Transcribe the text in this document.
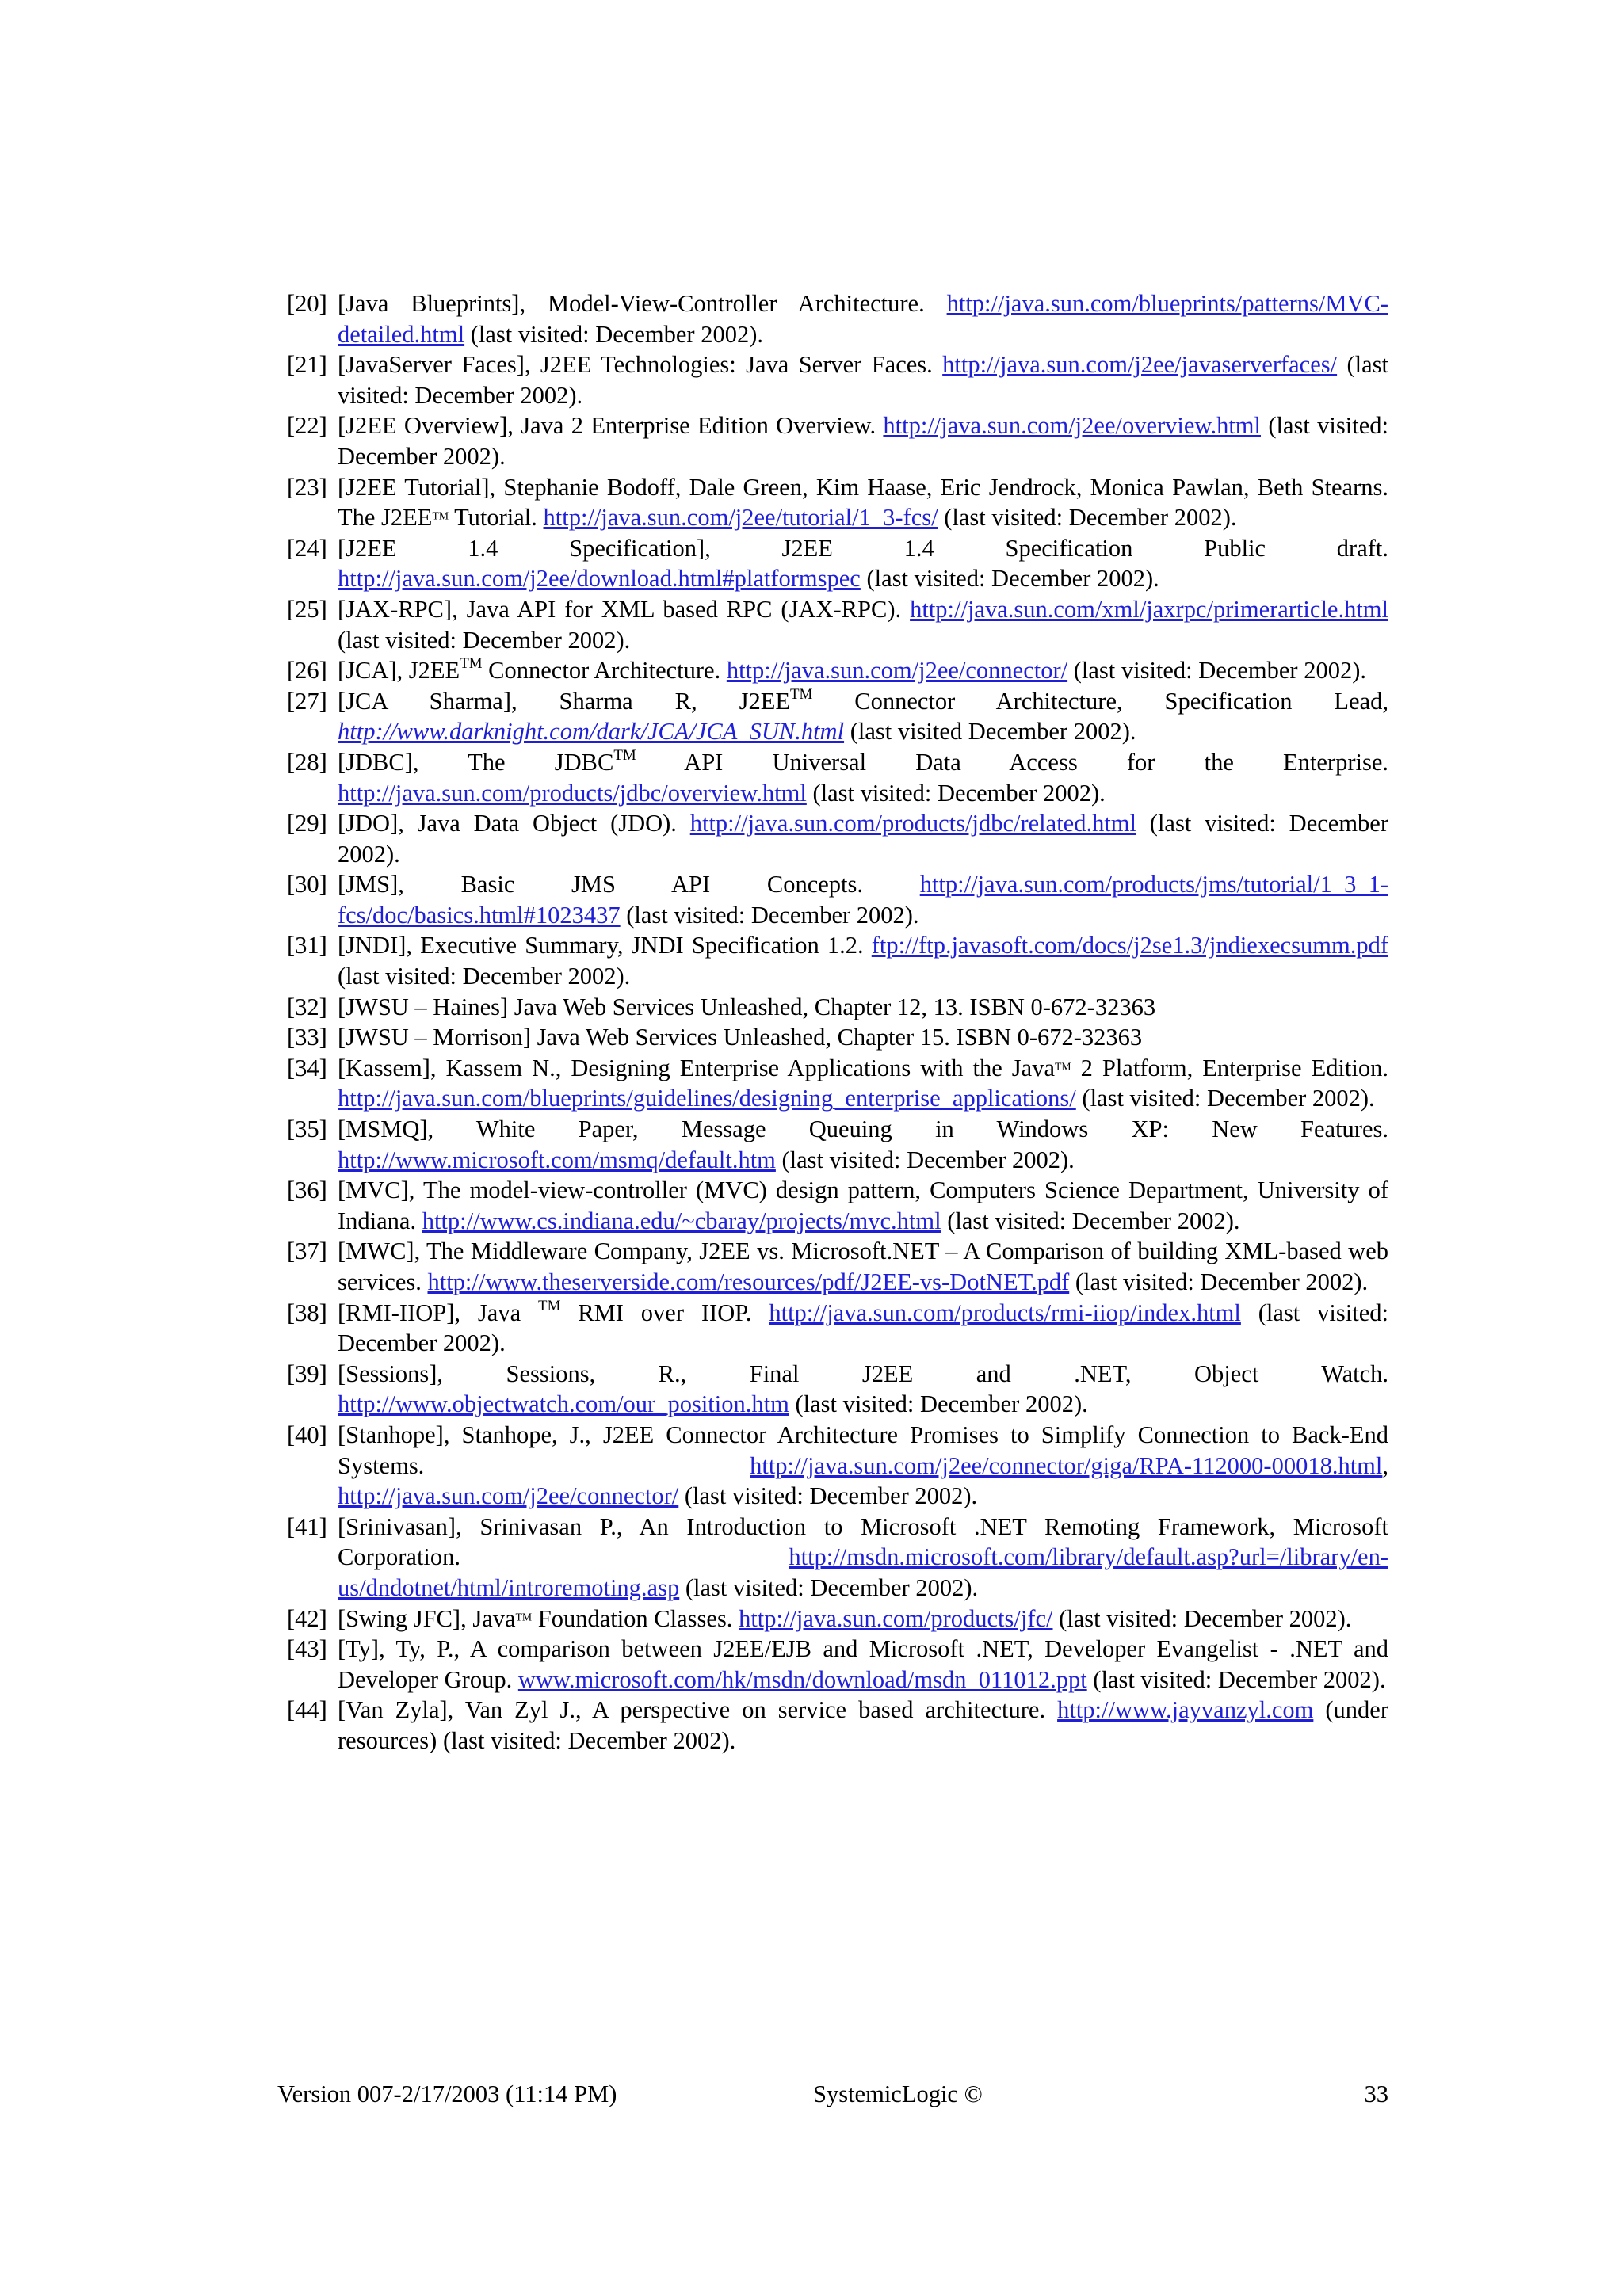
[20] [Java Blueprints], Model-View-Controller Architecture. http://java.sun.com/blueprints/patterns/MVC-detailed.html (last visited: December 2002).
[21] [JavaServer Faces], J2EE Technologies: Java Server Faces. http://java.sun.com/j2ee/javaserverfaces/ (last visited: December 2002).
[22] [J2EE Overview], Java 2 Enterprise Edition Overview. http://java.sun.com/j2ee/overview.html (last visited: December 2002).
[23] [J2EE Tutorial], Stephanie Bodoff, Dale Green, Kim Haase, Eric Jendrock, Monica Pawlan, Beth Stearns. The J2EE™ Tutorial. http://java.sun.com/j2ee/tutorial/1_3-fcs/ (last visited: December 2002).
[24] [J2EE 1.4 Specification], J2EE 1.4 Specification Public draft. http://java.sun.com/j2ee/download.html#platformspec (last visited: December 2002).
[25] [JAX-RPC], Java API for XML based RPC (JAX-RPC). http://java.sun.com/xml/jaxrpc/primerarticle.html (last visited: December 2002).
[26] [JCA], J2EE™ Connector Architecture. http://java.sun.com/j2ee/connector/ (last visited: December 2002).
[27] [JCA Sharma], Sharma R, J2EE™ Connector Architecture, Specification Lead, http://www.darknight.com/dark/JCA/JCA_SUN.html (last visited December 2002).
[28] [JDBC], The JDBC™ API Universal Data Access for the Enterprise. http://java.sun.com/products/jdbc/overview.html (last visited: December 2002).
[29] [JDO], Java Data Object (JDO). http://java.sun.com/products/jdbc/related.html (last visited: December 2002).
[30] [JMS], Basic JMS API Concepts. http://java.sun.com/products/jms/tutorial/1_3_1-fcs/doc/basics.html#1023437 (last visited: December 2002).
[31] [JNDI], Executive Summary, JNDI Specification 1.2. ftp://ftp.javasoft.com/docs/j2se1.3/jndiexecsumm.pdf (last visited: December 2002).
[32] [JWSU – Haines] Java Web Services Unleashed, Chapter 12, 13. ISBN 0-672-32363
[33] [JWSU – Morrison] Java Web Services Unleashed, Chapter 15. ISBN 0-672-32363
[34] [Kassem], Kassem N., Designing Enterprise Applications with the Java™ 2 Platform, Enterprise Edition. http://java.sun.com/blueprints/guidelines/designing_enterprise_applications/ (last visited: December 2002).
[35] [MSMQ], White Paper, Message Queuing in Windows XP: New Features. http://www.microsoft.com/msmq/default.htm (last visited: December 2002).
[36] [MVC], The model-view-controller (MVC) design pattern, Computers Science Department, University of Indiana. http://www.cs.indiana.edu/~cbaray/projects/mvc.html (last visited: December 2002).
[37] [MWC], The Middleware Company, J2EE vs. Microsoft.NET – A Comparison of building XML-based web services. http://www.theserverside.com/resources/pdf/J2EE-vs-DotNET.pdf (last visited: December 2002).
[38] [RMI-IIOP], Java ™ RMI over IIOP. http://java.sun.com/products/rmi-iiop/index.html (last visited: December 2002).
[39] [Sessions], Sessions, R., Final J2EE and .NET, Object Watch. http://www.objectwatch.com/our_position.htm (last visited: December 2002).
[40] [Stanhope], Stanhope, J., J2EE Connector Architecture Promises to Simplify Connection to Back-End Systems. http://java.sun.com/j2ee/connector/giga/RPA-112000-00018.html, http://java.sun.com/j2ee/connector/ (last visited: December 2002).
[41] [Srinivasan], Srinivasan P., An Introduction to Microsoft .NET Remoting Framework, Microsoft Corporation. http://msdn.microsoft.com/library/default.asp?url=/library/en-us/dndotnet/html/introremoting.asp (last visited: December 2002).
[42] [Swing JFC], Java™ Foundation Classes. http://java.sun.com/products/jfc/ (last visited: December 2002).
[43] [Ty], Ty, P., A comparison between J2EE/EJB and Microsoft .NET, Developer Evangelist - .NET and Developer Group. www.microsoft.com/hk/msdn/download/msdn_011012.ppt (last visited: December 2002).
[44] [Van Zyla], Van Zyl J., A perspective on service based architecture. http://www.jayvanzyl.com (under resources) (last visited: December 2002).
Version 007-2/17/2003 (11:14 PM)	SystemicLogic ©	33
